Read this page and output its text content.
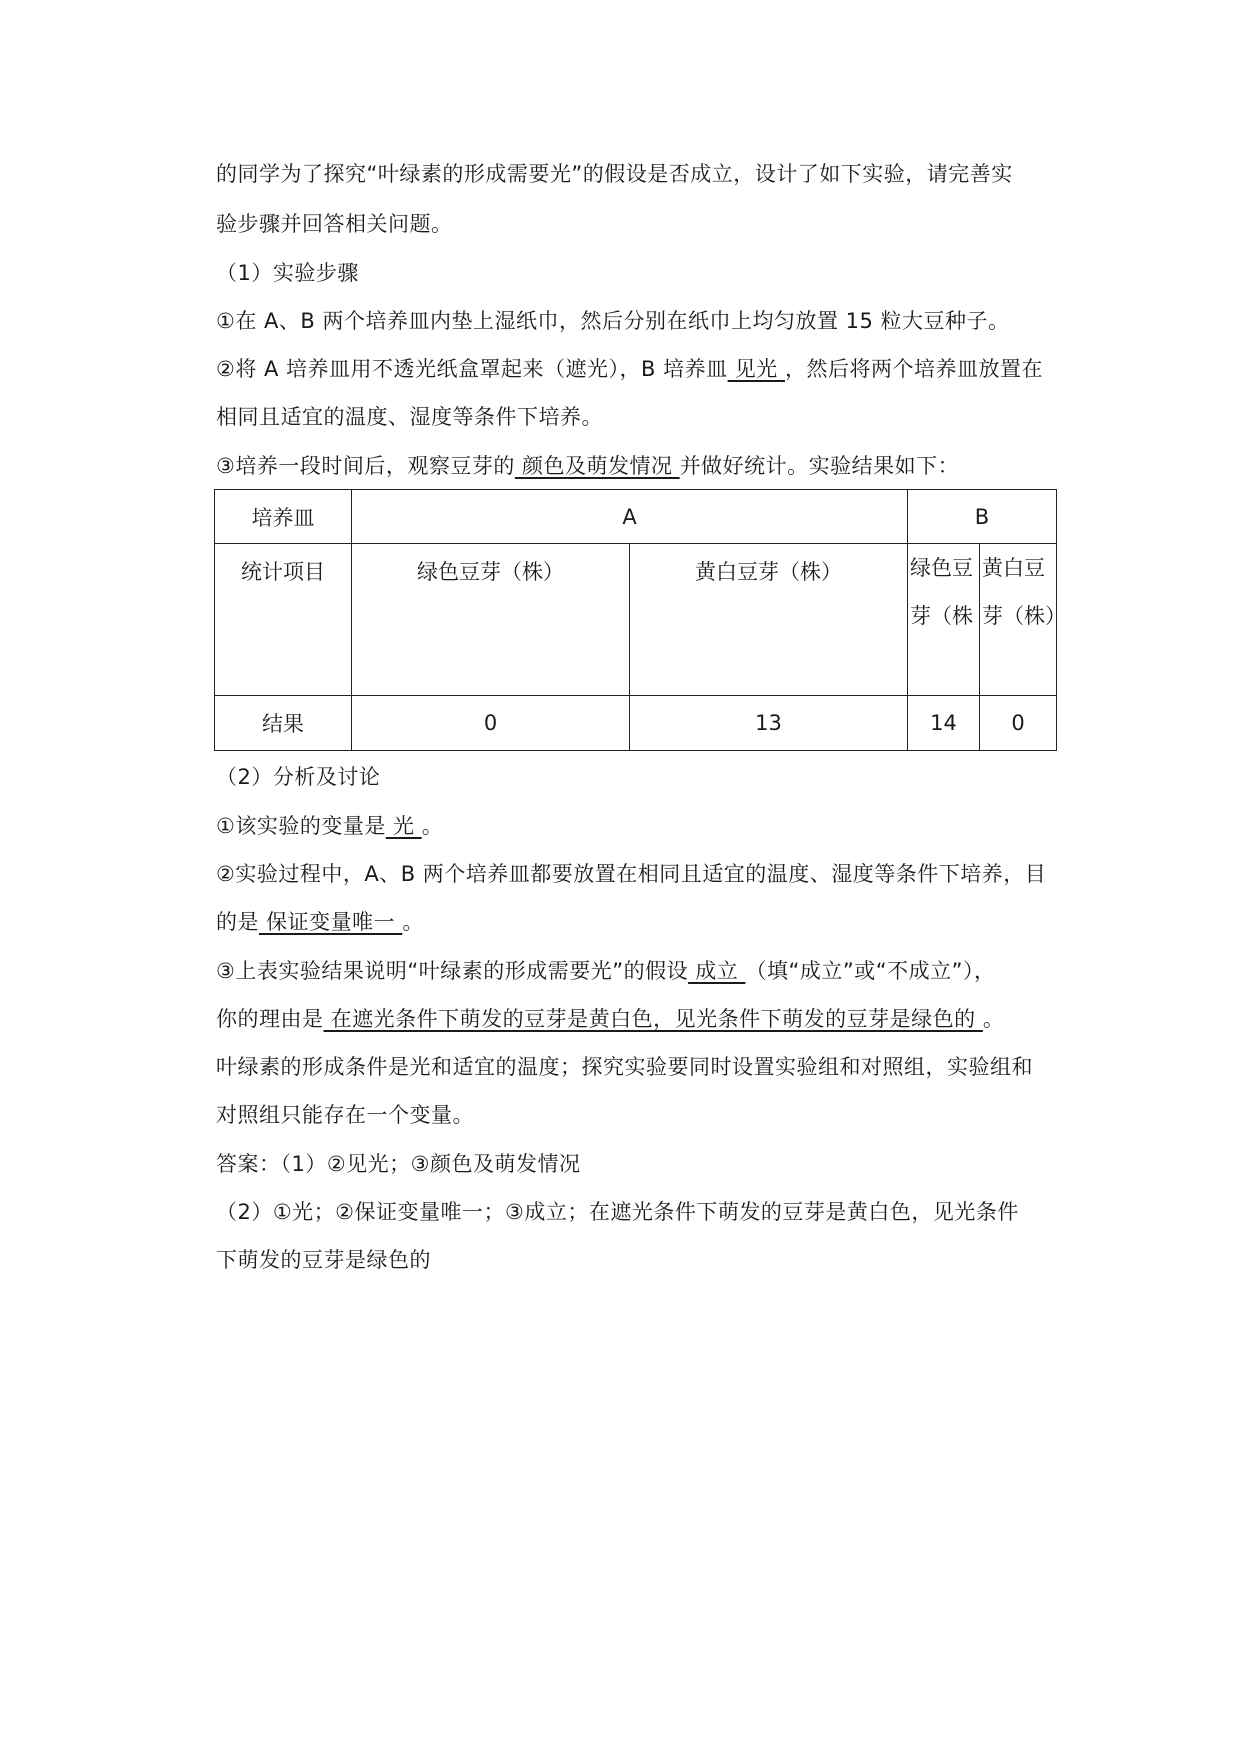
的同学为了探究“叶绿素的形成需要光”的假设是否成立，设计了如下实验，请完善实
验步骤并回答相关问题。
（1）实验步骤
①在 A、B 两个培养皿内垫上湿纸巾，然后分别在纸巾上均匀放置 15 粒大豆种子。
②将 A 培养皿用不透光纸盒罩起来（遮光），B 培养皿 见光 ，然后将两个培养皿放置在
相同且适宜的温度、湿度等条件下培养。
③培养一段时间后，观察豆芽的 颜色及萌发情况 并做好统计。实验结果如下：
培养皿	A		B	
统计项目	绿色豆芽（株）	黄白豆芽（株）	绿色豆芽（株	黄白豆芽（株）
结果	0	13	14	0
（2）分析及讨论
①该实验的变量是 光 。
②实验过程中，A、B 两个培养皿都要放置在相同且适宜的温度、湿度等条件下培养，目
的是 保证变量唯一 。
③上表实验结果说明“叶绿素的形成需要光”的假设 成立 （填“成立”或“不成立”），
你的理由是 在遮光条件下萌发的豆芽是黄白色，见光条件下萌发的豆芽是绿色的 。
叶绿素的形成条件是光和适宜的温度；探究实验要同时设置实验组和对照组，实验组和
对照组只能存在一个变量。
答案：（1）②见光；③颜色及萌发情况
（2）①光；②保证变量唯一；③成立；在遮光条件下萌发的豆芽是黄白色，见光条件
下萌发的豆芽是绿色的
